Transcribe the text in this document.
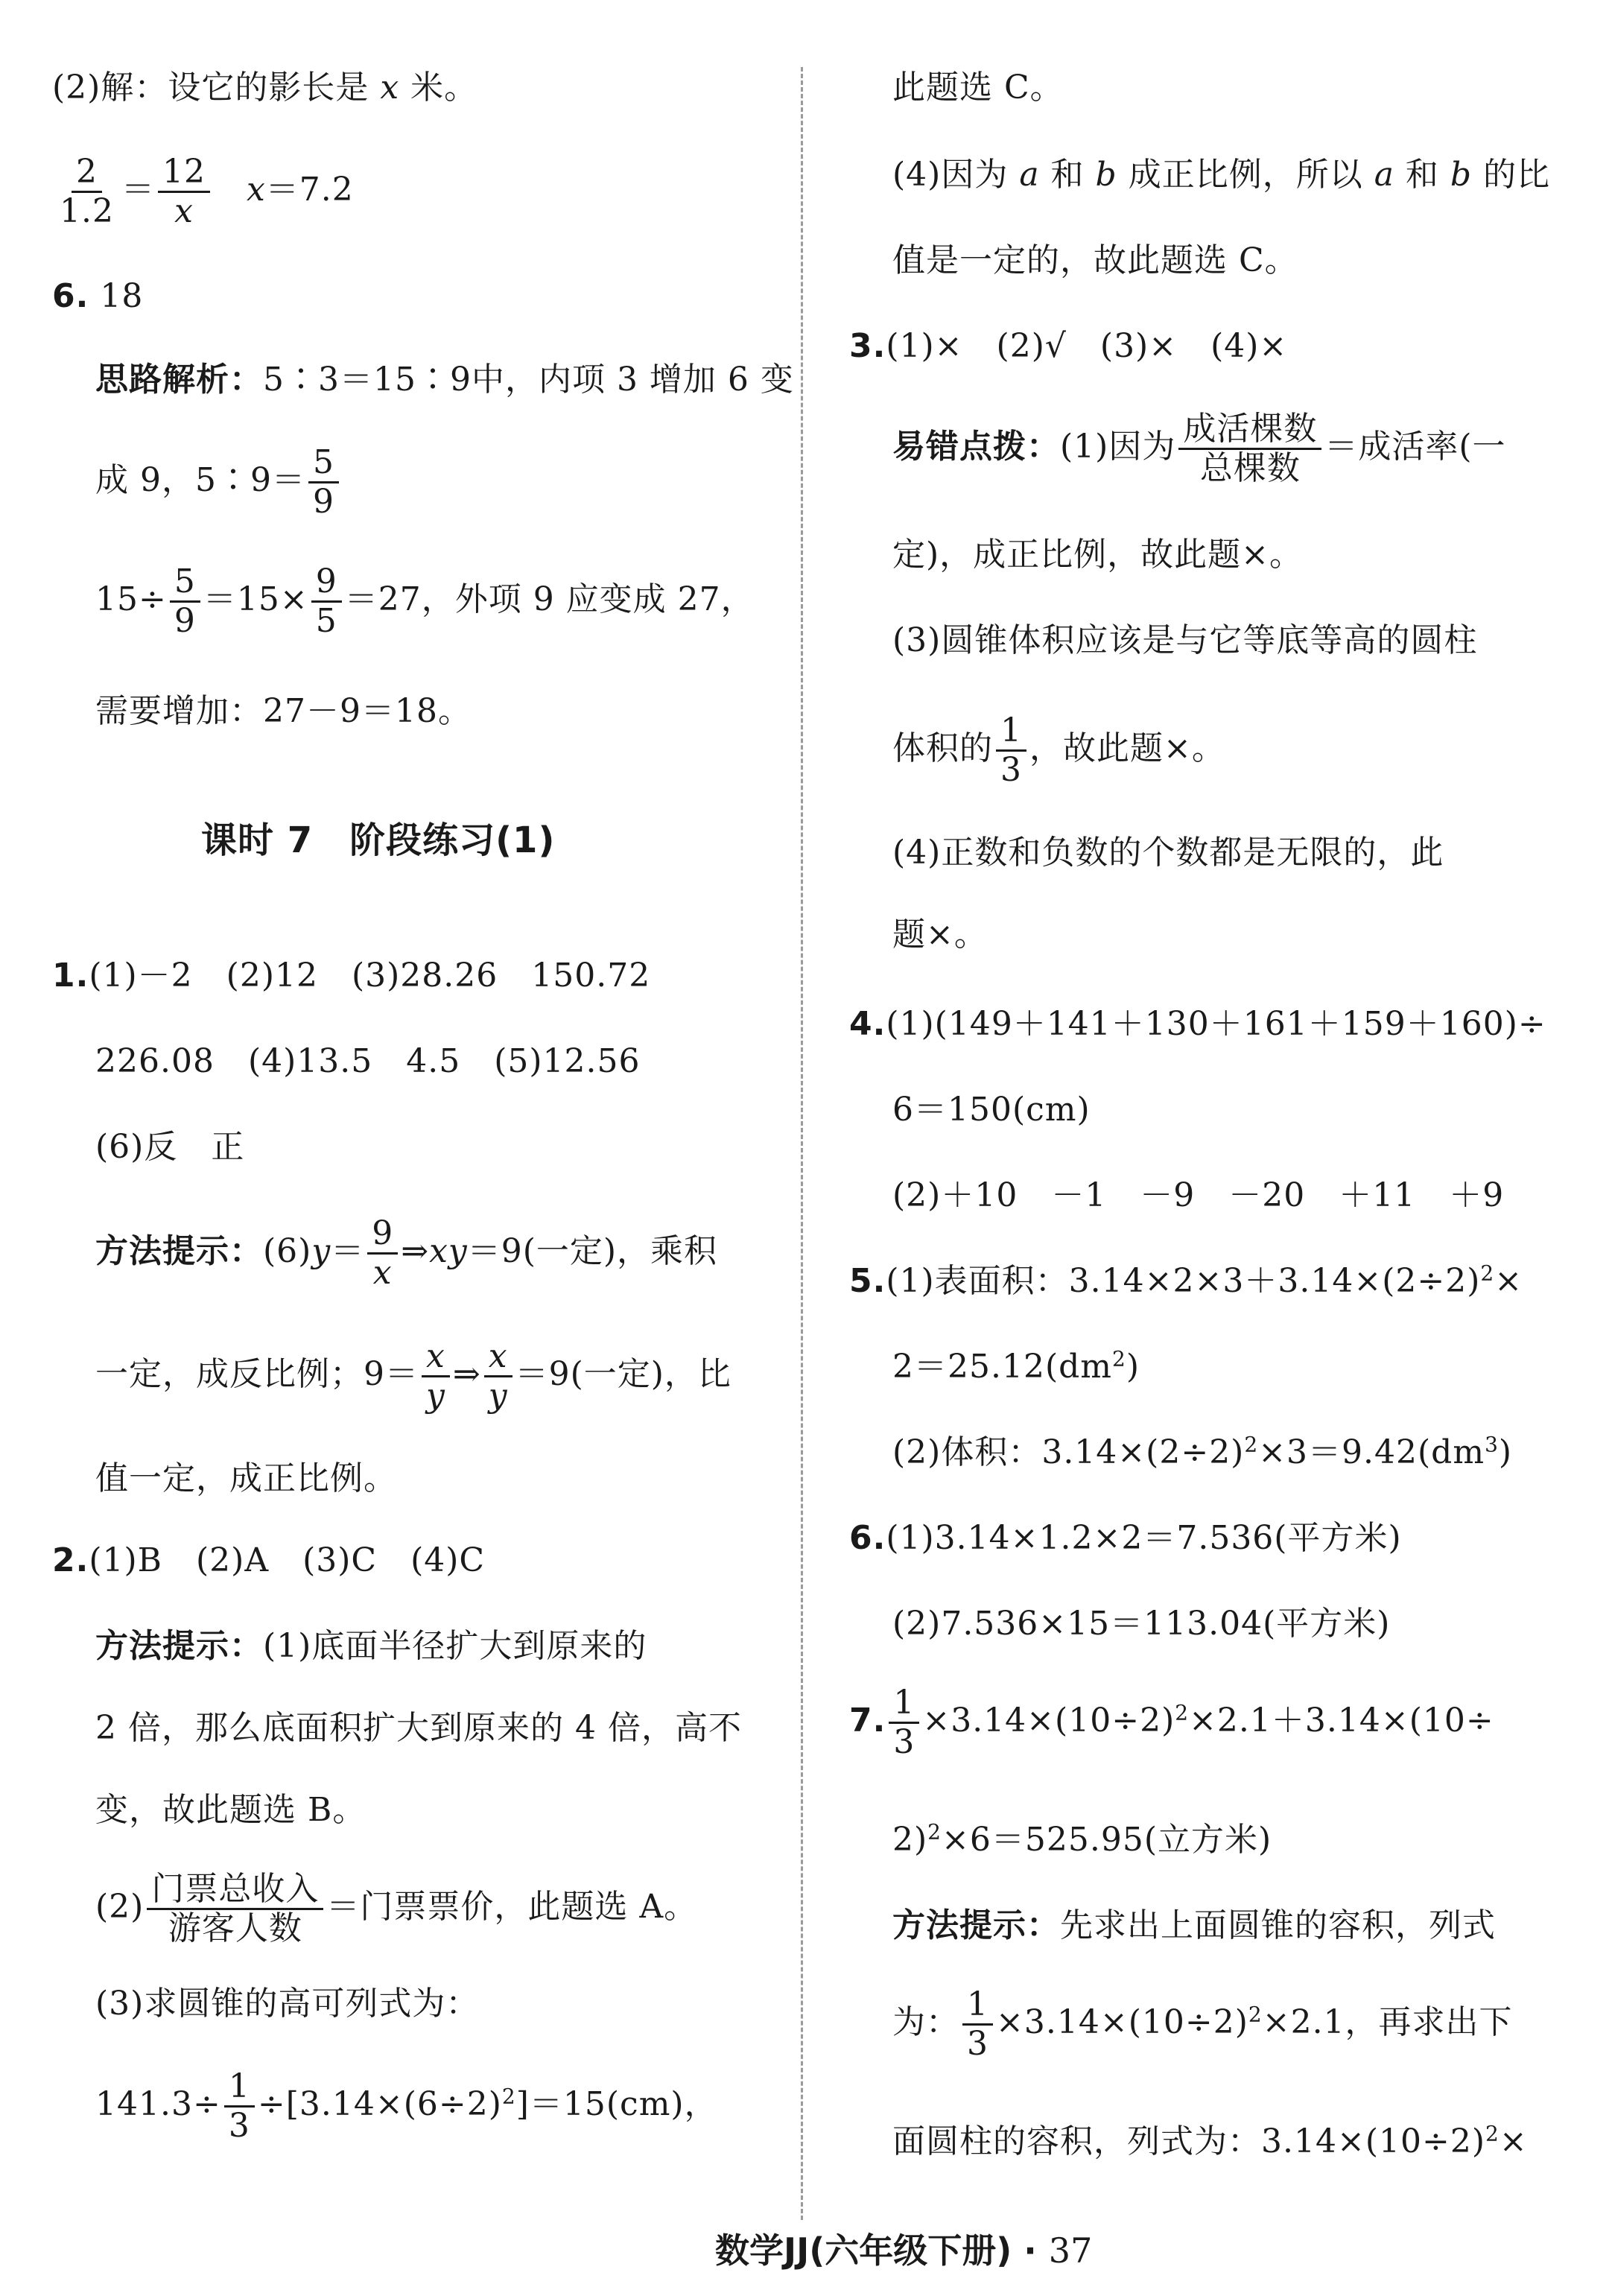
(2)解：设它的影长是 x 米。
$\frac{2}{1.2} = \frac{12}{x} x=7.2$
6. 18
思路解析：5∶3＝15∶9中，内项 3 增加 6 变
成 9，5∶9＝ $\frac{5}{9}$
$15\div \frac{5}{9} =15\times \frac{9}{5} =27$，外项 9 应变成 27，
需要增加：27－9＝18。
课时 7　阶段练习(1)
1.(1)－2　(2)12　(3)28.26　150.72
226.08　(4)13.5　4.5　(5)12.56
(6)反　正
方法提示：$(6)y= \frac{9}{x}$ ⇒xy＝9(一定)，乘积
一定，成反比例；$9= \frac{x}{y}$ ⇒ $\frac{x}{y} =9$(一定)，比
值一定，成正比例。
2.(1)B　(2)A　(3)C　(4)C
方法提示：(1)底面半径扩大到原来的
2 倍，那么底面积扩大到原来的 4 倍，高不
变，故此题选 B。
$(2) \frac{\text{门票总收入}}{\text{游客人数}}$ ＝门票票价，此题选 A。
(3)求圆锥的高可列式为：
$141.3\div \frac{1}{3} \div[3.14\times(6\div 2)^2]=15(cm)$，
此题选 C。
(4)因为 a 和 b 成正比例，所以 a 和 b 的比
值是一定的，故此题选 C。
3.(1)×　(2)√　(3)×　(4)×
易错点拨：(1)因为 $\frac{\text{成活棵数}}{\text{总棵数}}$ ＝成活率(一
定)，成正比例，故此题×。
(3)圆锥体积应该是与它等底等高的圆柱
体积的 $\frac{1}{3}$ ，故此题×。
(4)正数和负数的个数都是无限的，此
题×。
4.(1)(149＋141＋130＋161＋159＋160)÷
6＝150(cm)
(2)＋10　－1　－9　－20　＋11　＋9
5.(1)表面积：$3.14\times 2\times 3+3.14\times(2\div 2)^2\times$
$2=25.12(dm^2)$
(2)体积：$3.14\times(2\div 2)^2\times 3=9.42(dm^3)$
6.(1)3.14×1.2×2＝7.536(平方米)
(2)7.536×15＝113.04(平方米)
7. $\frac{1}{3} \times 3.14\times(10\div 2)^2\times 2.1+3.14\times(10\div$
2)$^2$×6＝525.95(立方米)
方法提示：先求出上面圆锥的容积，列式
为： $\frac{1}{3} \times 3.14\times(10\div 2)^2\times 2.1$，再求出下
面圆柱的容积，列式为：$3.14\times(10\div 2)^2\times$
数学JJ(六年级下册) · 37
